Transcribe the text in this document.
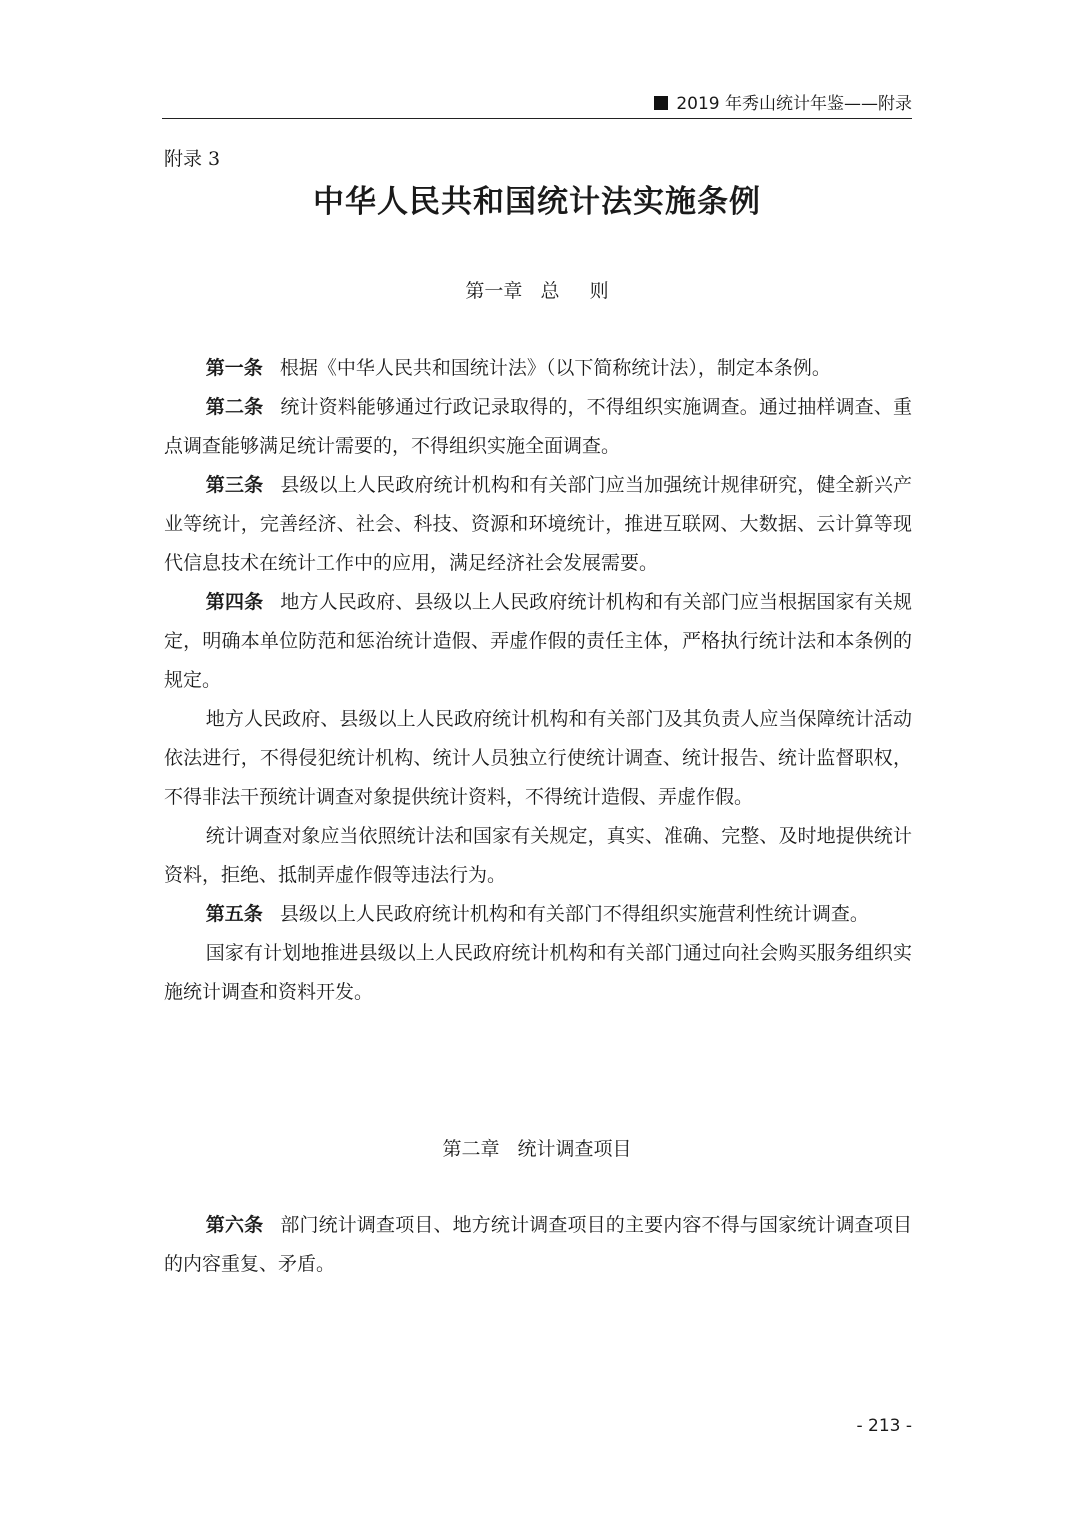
2019 年秀山统计年鉴——附录
附录 3
中华人民共和国统计法实施条例
第一章   总     则

第一条 根据《中华人民共和国统计法》（以下简称统计法），制定本条例。

第二条 统计资料能够通过行政记录取得的，不得组织实施调查。通过抽样调查、重点调查能够满足统计需要的，不得组织实施全面调查。

第三条 县级以上人民政府统计机构和有关部门应当加强统计规律研究，健全新兴产业等统计，完善经济、社会、科技、资源和环境统计，推进互联网、大数据、云计算等现代信息技术在统计工作中的应用，满足经济社会发展需要。

第四条 地方人民政府、县级以上人民政府统计机构和有关部门应当根据国家有关规定，明确本单位防范和惩治统计造假、弄虚作假的责任主体，严格执行统计法和本条例的规定。

地方人民政府、县级以上人民政府统计机构和有关部门及其负责人应当保障统计活动依法进行，不得侵犯统计机构、统计人员独立行使统计调查、统计报告、统计监督职权，不得非法干预统计调查对象提供统计资料，不得统计造假、弄虚作假。

统计调查对象应当依照统计法和国家有关规定，真实、准确、完整、及时地提供统计资料，拒绝、抵制弄虚作假等违法行为。

第五条 县级以上人民政府统计机构和有关部门不得组织实施营利性统计调查。

国家有计划地推进县级以上人民政府统计机构和有关部门通过向社会购买服务组织实施统计调查和资料开发。

第二章   统计调查项目

第六条 部门统计调查项目、地方统计调查项目的主要内容不得与国家统计调查项目的内容重复、矛盾。

- 213 -
